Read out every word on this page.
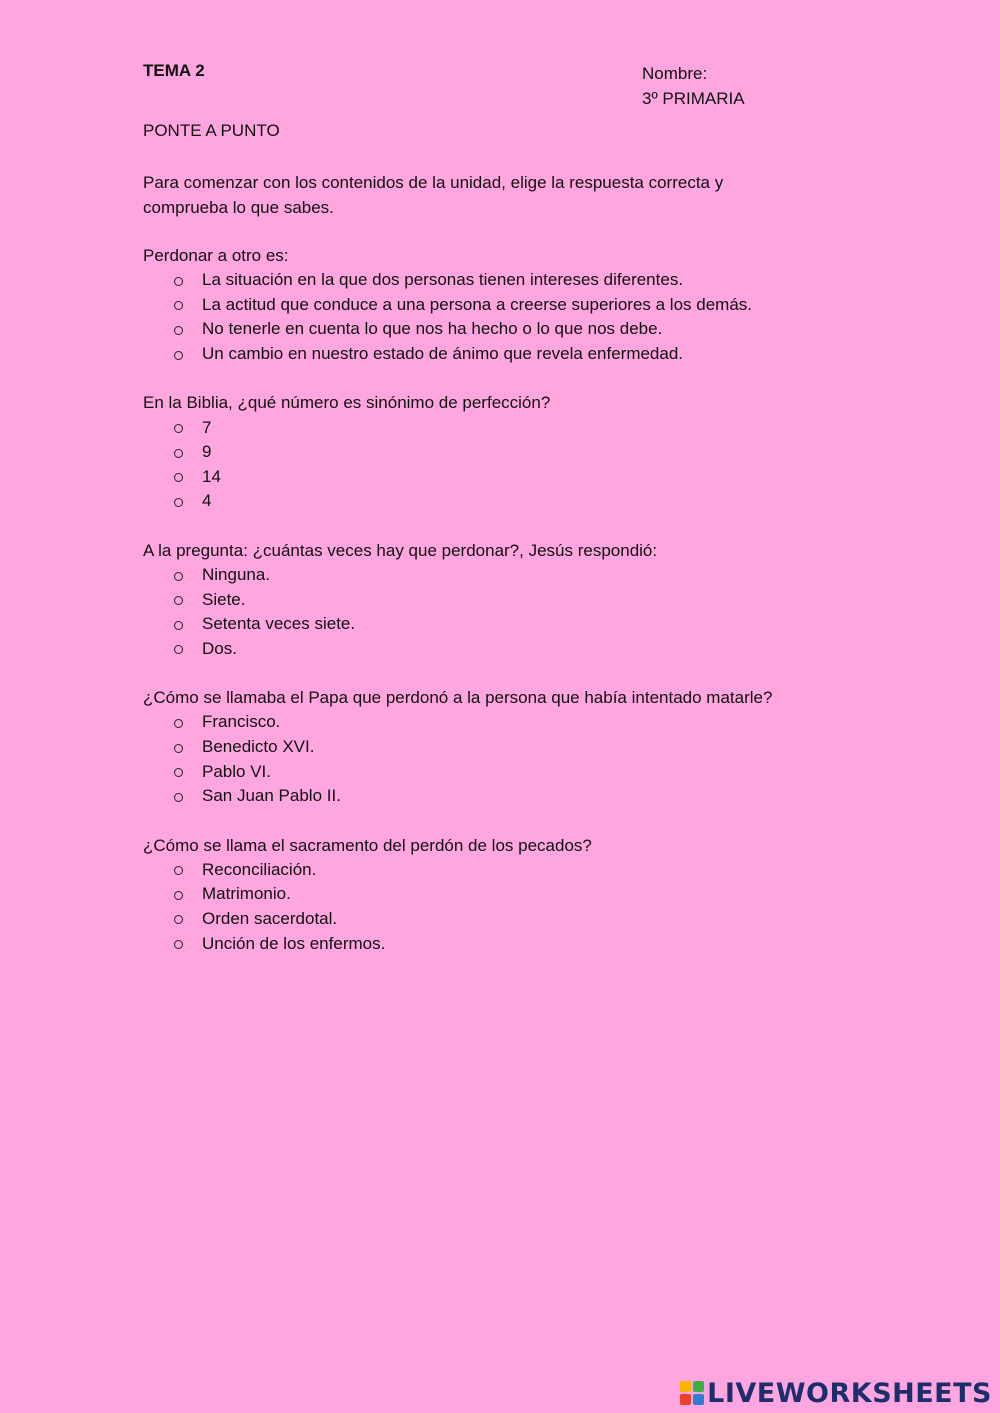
TEMA 2	Nombre:
3º PRIMARIA
PONTE A PUNTO
Para comenzar con los contenidos de la unidad, elige la respuesta correcta y comprueba lo que sabes.
Perdonar a otro es:
La situación en la que dos personas tienen intereses diferentes.
La actitud que conduce a una persona a creerse superiores a los demás.
No tenerle en cuenta lo que nos ha hecho o lo que nos debe.
Un cambio en nuestro estado de ánimo que revela enfermedad.
En la Biblia, ¿qué número es sinónimo de perfección?
7
9
14
4
A la pregunta: ¿cuántas veces hay que perdonar?, Jesús respondió:
Ninguna.
Siete.
Setenta veces siete.
Dos.
¿Cómo se llamaba el Papa que perdonó a la persona que había intentado matarle?
Francisco.
Benedicto XVI.
Pablo VI.
San Juan Pablo II.
¿Cómo se llama el sacramento del perdón de los pecados?
Reconciliación.
Matrimonio.
Orden sacerdotal.
Unción de los enfermos.
LIVEWORKSHEETS
